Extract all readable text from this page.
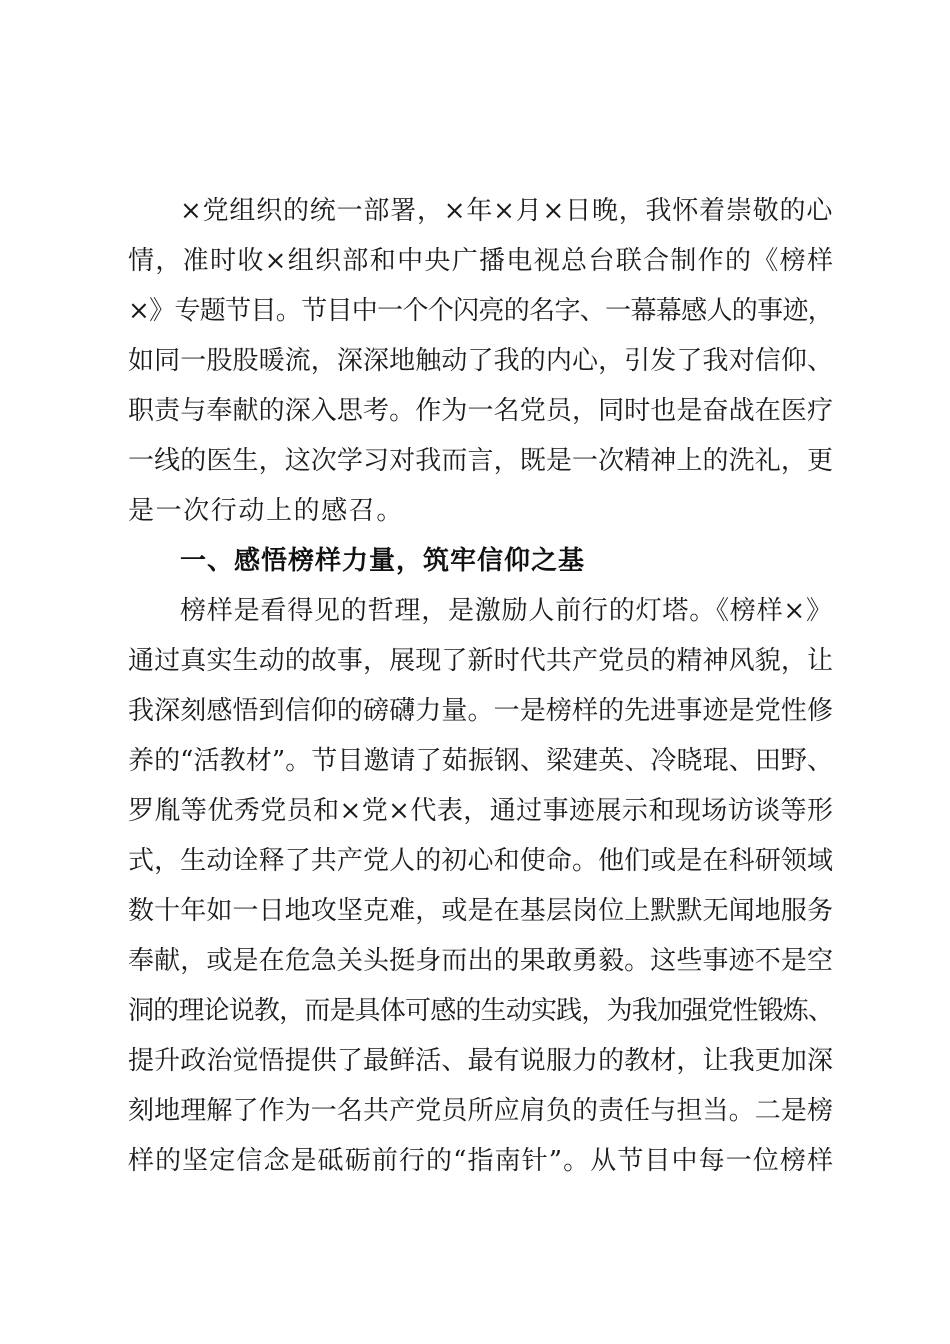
×党组织的统一部署，×年×月×日晚，我怀着崇敬的心
情，准时收×组织部和中央广播电视总台联合制作的《榜样
×》专题节目。节目中一个个闪亮的名字、一幕幕感人的事迹，
如同一股股暖流，深深地触动了我的内心，引发了我对信仰、
职责与奉献的深入思考。作为一名党员，同时也是奋战在医疗
一线的医生，这次学习对我而言，既是一次精神上的洗礼，更
是一次行动上的感召。
一、感悟榜样力量，筑牢信仰之基
榜样是看得见的哲理，是激励人前行的灯塔。《榜样×》
通过真实生动的故事，展现了新时代共产党员的精神风貌，让
我深刻感悟到信仰的磅礴力量。一是榜样的先进事迹是党性修
养的“活教材”。节目邀请了茹振钢、梁建英、冷晓琨、田野、
罗胤等优秀党员和×党×代表，通过事迹展示和现场访谈等形
式，生动诠释了共产党人的初心和使命。他们或是在科研领域
数十年如一日地攻坚克难，或是在基层岗位上默默无闻地服务
奉献，或是在危急关头挺身而出的果敢勇毅。这些事迹不是空
洞的理论说教，而是具体可感的生动实践，为我加强党性锻炼、
提升政治觉悟提供了最鲜活、最有说服力的教材，让我更加深
刻地理解了作为一名共产党员所应肩负的责任与担当。二是榜
样的坚定信念是砥砺前行的“指南针”。从节目中每一位榜样
